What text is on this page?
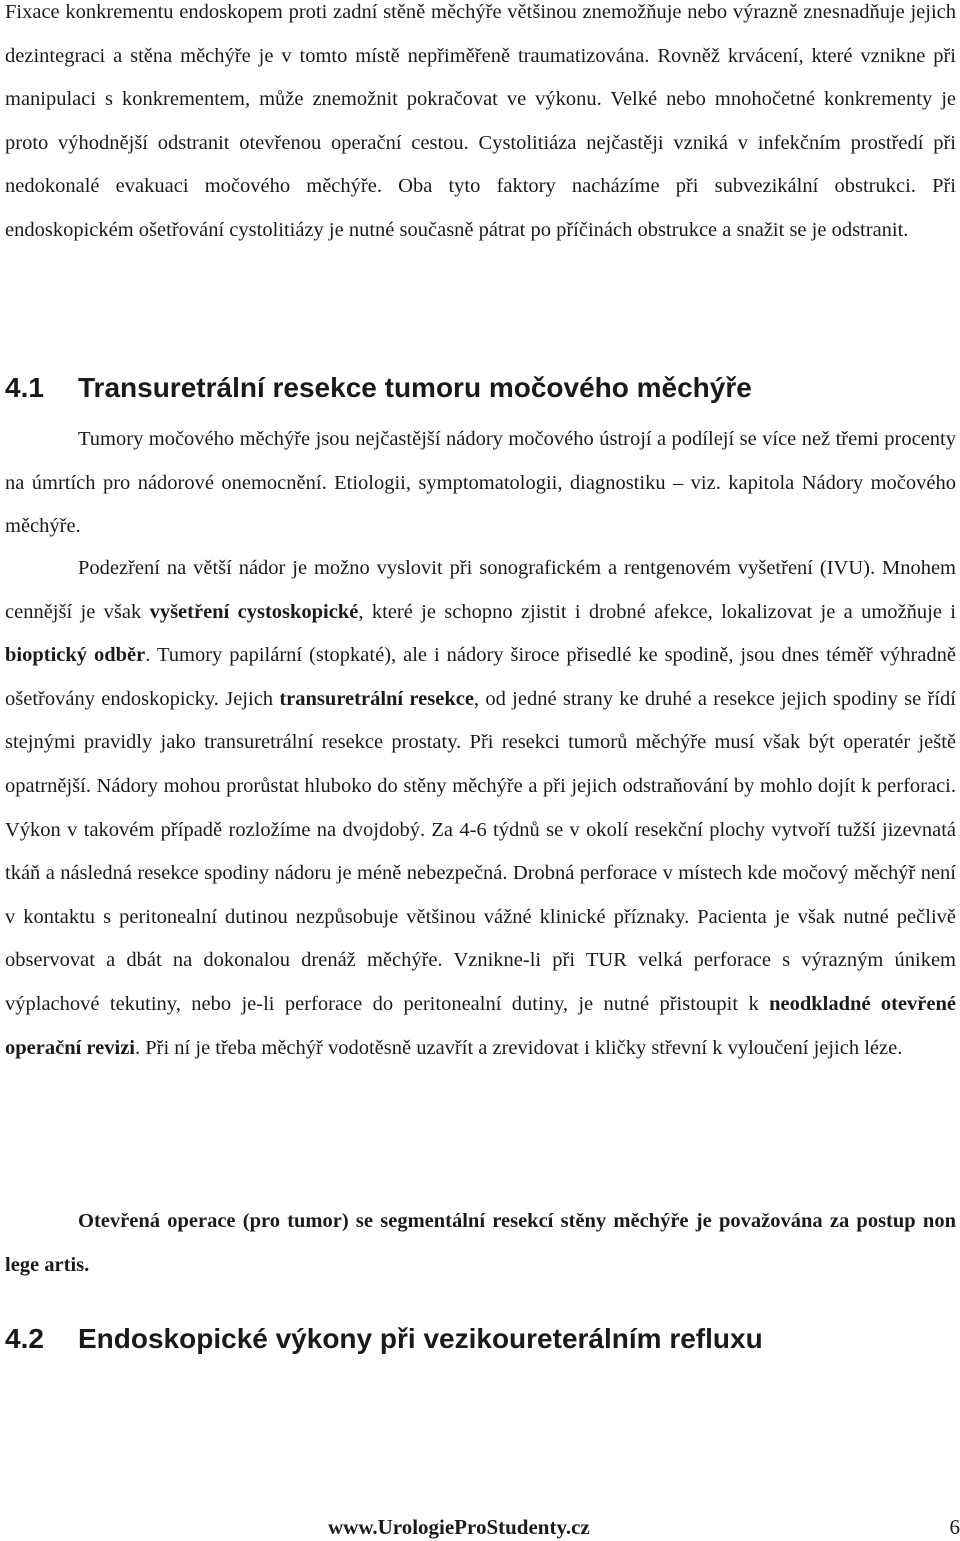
Fixace konkrementu endoskopem proti zadní stěně měchýře většinou znemožňuje nebo výrazně znesnadňuje jejich dezintegraci a stěna měchýře je v tomto místě nepřiměřeně traumatizována. Rovněž krvácení, které vznikne při manipulaci s konkrementem, může znemožnit pokračovat ve výkonu. Velké nebo mnohočetné konkrementy je proto výhodnější odstranit otevřenou operační cestou. Cystolitiáza nejčastěji vzniká v infekčním prostředí při nedokonalé evakuaci močového měchýře. Oba tyto faktory nacházíme při subvezikální obstrukci. Při endoskopickém ošetřování cystolitiázy je nutné současně pátrat po příčinách obstrukce a snažit se je odstranit.

4.1 Transuretrální resekce tumoru močového měchýře

Tumory močového měchýře jsou nejčastější nádory močového ústrojí a podílejí se více než třemi procenty na úmrtích pro nádorové onemocnění. Etiologii, symptomatologii, diagnostiku – viz. kapitola Nádory močového měchýře.

Podezření na větší nádor je možno vyslovit při sonografickém a rentgenovém vyšetření (IVU). Mnohem cennější je však vyšetření cystoskopické, které je schopno zjistit i drobné afekce, lokalizovat je a umožňuje i bioptický odběr. Tumory papilární (stopkaté), ale i nádory široce přisedlé ke spodině, jsou dnes téměř výhradně ošetřovány endoskopicky. Jejich transuretrální resekce, od jedné strany ke druhé a resekce jejich spodiny se řídí stejnými pravidly jako transuretrální resekce prostaty. Při resekci tumorů měchýře musí však být operatér ještě opatrnější. Nádory mohou prorůstat hluboko do stěny měchýře a při jejich odstraňování by mohlo dojít k perforaci. Výkon v takovém případě rozložíme na dvojdobý. Za 4-6 týdnů se v okolí resekční plochy vytvoří tužší jizevnatá tkáň a následná resekce spodiny nádoru je méně nebezpečná. Drobná perforace v místech kde močový měchýř není v kontaktu s peritonealní dutinou nezpůsobuje většinou vážné klinické příznaky. Pacienta je však nutné pečlivě observovat a dbát na dokonalou drenáž měchýře. Vznikne-li při TUR velká perforace s výrazným únikem výplachové tekutiny, nebo je-li perforace do peritonealní dutiny, je nutné přistoupit k neodkladné otevřené operační revizi. Při ní je třeba měchýř vodotěsně uzavřít a zrevidovat i kličky střevní k vyloučení jejich léze.

Otevřená operace (pro tumor) se segmentální resekcí stěny měchýře je považována za postup non lege artis.

4.2 Endoskopické výkony při vezikoureterálním refluxu
www.UrologieProStudenty.cz	6
